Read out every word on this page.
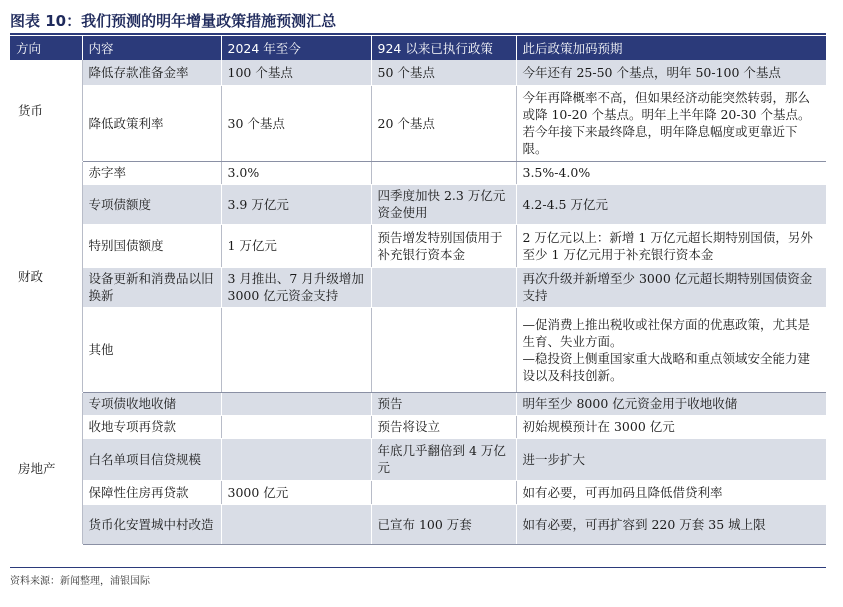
图表 10：我们预测的明年增量政策措施预测汇总
方向	内容	2024 年至今	924 以来已执行政策	此后政策加码预期
货币	降低存款准备金率	100 个基点	50 个基点	今年还有 25-50 个基点，明年 50-100 个基点
	降低政策利率	30 个基点	20 个基点	今年再降概率不高，但如果经济动能突然转弱，那么或降 10-20 个基点。明年上半年降 20-30 个基点。若今年接下来最终降息，明年降息幅度或更靠近下限。
财政	赤字率	3.0%		3.5%-4.0%
	专项债额度	3.9 万亿元	四季度加快 2.3 万亿元资金使用	4.2-4.5 万亿元
	特别国债额度	1 万亿元	预告增发特别国债用于补充银行资本金	2 万亿元以上：新增 1 万亿元超长期特别国债，另外至少 1 万亿元用于补充银行资本金
	设备更新和消费品以旧换新	3 月推出、7 月升级增加3000 亿元资金支持		再次升级并新增至少 3000 亿元超长期特别国债资金支持
	其他			—促消费上推出税收或社保方面的优惠政策，尤其是生育、失业方面。
—稳投资上侧重国家重大战略和重点领域安全能力建设以及科技创新。
房地产	专项债收地收储		预告	明年至少 8000 亿元资金用于收地收储
	收地专项再贷款		预告将设立	初始规模预计在 3000 亿元
	白名单项目信贷规模		年底几乎翻倍到 4 万亿元	进一步扩大
	保障性住房再贷款	3000 亿元		如有必要，可再加码且降低借贷利率
	货币化安置城中村改造		已宣布 100 万套	如有必要，可再扩容到 220 万套 35 城上限
资料来源：新闻整理，浦银国际
